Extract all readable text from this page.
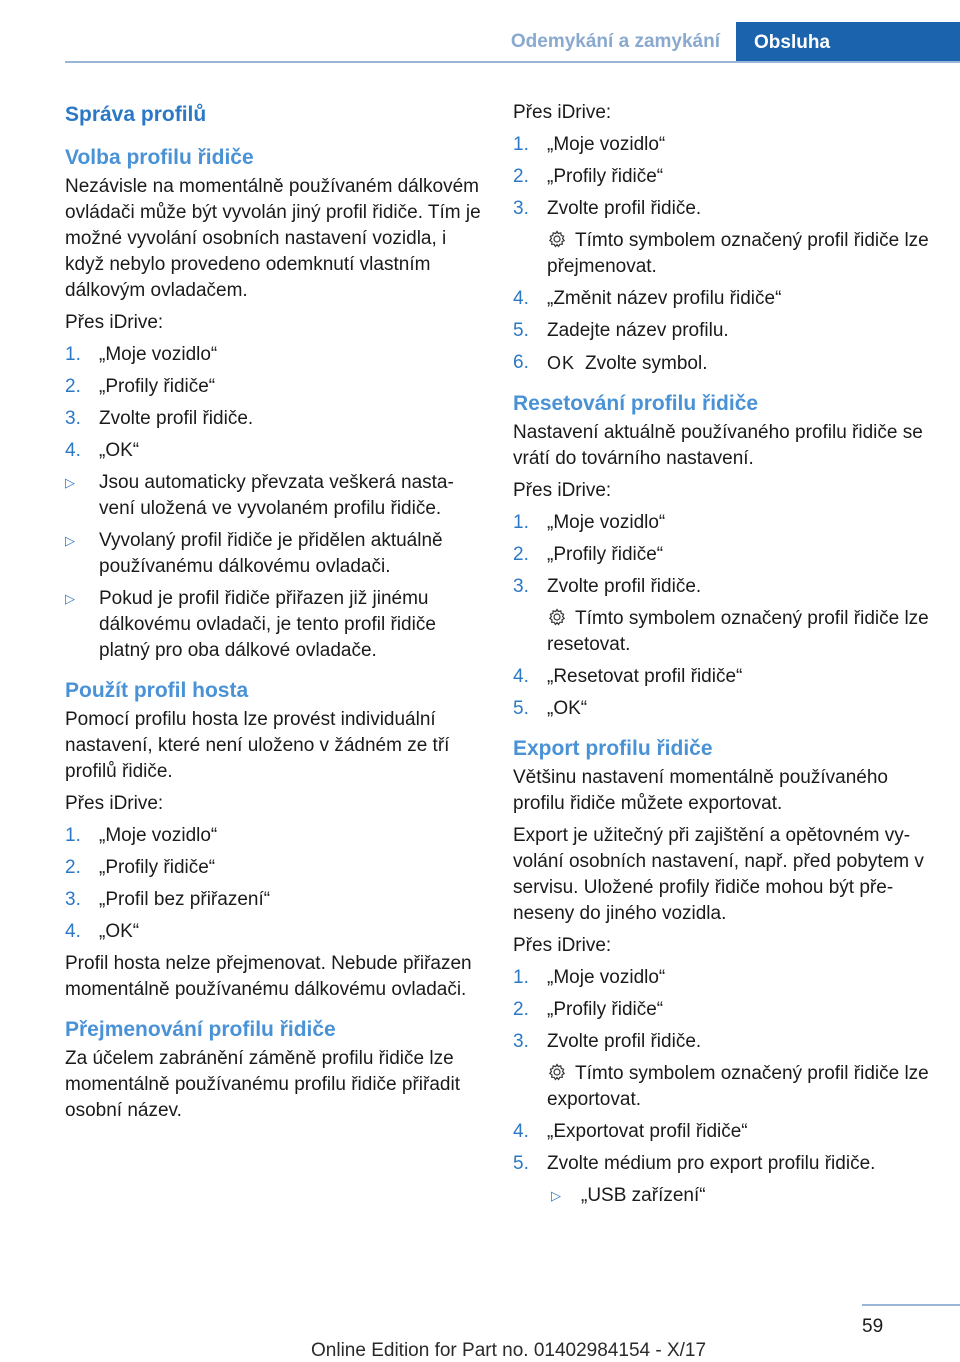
Odemykání a zamykání	Obsluha
Správa profilů
Volba profilu řidiče

Nezávisle na momentálně používaném dálkovém ovládači může být vyvolán jiný profil řidiče. Tím je možné vyvolání osobních nastavení vozidla, i když nebylo provedeno odemknutí vlastním dálkovým ovladačem.

Přes iDrive:

1. „Moje vozidlo“
2. „Profily řidiče“
3. Zvolte profil řidiče.
4. „OK“
▷ Jsou automaticky převzata veškerá nastavení uložená ve vyvolaném profilu řidiče.
▷ Vyvolaný profil řidiče je přidělen aktuálně používanému dálkovému ovladači.
▷ Pokud je profil řidiče přiřazen již jinému dálkovému ovladači, je tento profil řidiče platný pro oba dálkové ovladače.
Použít profil hosta

Pomocí profilu hosta lze provést individuální nastavení, které není uloženo v žádném ze tří profilů řidiče.

Přes iDrive:

1. „Moje vozidlo“
2. „Profily řidiče“
3. „Profil bez přiřazení“
4. „OK“

Profil hosta nelze přejmenovat. Nebude přiřazen momentálně používanému dálkovému ovladači.

Přejmenování profilu řidiče

Za účelem zabránění záměně profilu řidiče lze momentálně používanému profilu řidiče přiřadit osobní název.

Přes iDrive:

1. „Moje vozidlo“
2. „Profily řidiče“
3. Zvolte profil řidiče.
Tímto symbolem označený profil řidiče lze přejmenovat.
4. „Změnit název profilu řidiče“
5. Zadejte název profilu.
6. OK Zvolte symbol.
Resetování profilu řidiče

Nastavení aktuálně používaného profilu řidiče se vrátí do továrního nastavení.

Přes iDrive:

1. „Moje vozidlo“
2. „Profily řidiče“
3. Zvolte profil řidiče.
Tímto symbolem označený profil řidiče lze resetovat.
4. „Resetovat profil řidiče“
5. „OK“
Export profilu řidiče

Většinu nastavení momentálně používaného profilu řidiče můžete exportovat.

Export je užitečný při zajištění a opětovném vyvolání osobních nastavení, např. před pobytem v servisu. Uložené profily řidiče mohou být přeneseny do jiného vozidla.

Přes iDrive:

1. „Moje vozidlo“
2. „Profily řidiče“
3. Zvolte profil řidiče.
Tímto symbolem označený profil řidiče lze exportovat.
4. „Exportovat profil řidiče“
5. Zvolte médium pro export profilu řidiče.
▷ „USB zařízení“
59
Online Edition for Part no. 01402984154 - X/17
